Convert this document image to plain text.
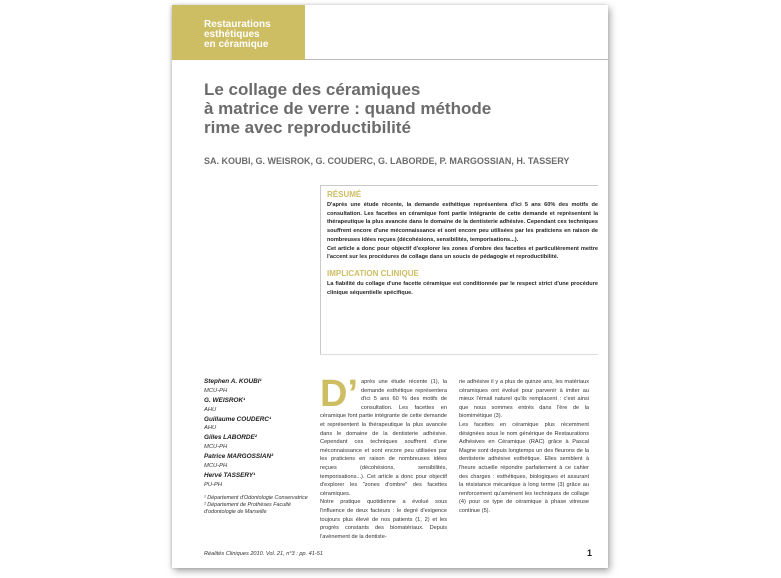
Restaurations
esthétiques
en céramique
Le collage des céramiques
à matrice de verre : quand méthode
rime avec reproductibilité

SA. KOUBI, G. WEISROK, G. COUDERC, G. LABORDE, P. MARGOSSIAN, H. TASSERY

RÉSUMÉ

D'après une étude récente, la demande esthétique représentera d'ici 5 ans 60% des motifs de consultation. Les facettes en céramique font partie intégrante de cette demande et représentent la thérapeutique la plus avancée dans le domaine de la dentisterie adhésive. Cependant ces techniques souffrent encore d'une méconnaissance et sont encore peu utilisées par les praticiens en raison de nombreuses idées reçues (décohésions, sensibilités, temporisations...).

Cet article a donc pour objectif d'explorer les zones d'ombre des facettes et particulièrement mettre l'accent sur les procédures de collage dans un soucis de pédagogie et reproductibilité.

IMPLICATION CLINIQUE

La fiabilité du collage d'une facette céramique est conditionnée par le respect strict d'une procédure clinique séquentielle spécifique.

Stephen A. KOUBI¹
MCU-PH
G. WEISROK¹
AHU
Guillaume COUDERC¹
AHU
Gilles LABORDE²
MCU-PH
Patrice MARGOSSIAN²
MCU-PH
Hervé TASSERY¹
PU-PH
¹ Département d'Odontologie Conservatrice
² Département de Prothèses Faculté d'odontologie de Marseille
D’ après une étude récente (1), la demande esthétique représentera d'ici 5 ans 60 % des motifs de consultation. Les facettes en céramique font partie intégrante de cette demande et représentent la thérapeutique la plus avancée dans le domaine de la dentisterie adhésive. Cependant ces techniques souffrent d'une méconnaissance et sont encore peu utilisées par les praticiens en raison de nombreuses idées reçues (décohésions, sensibilités, temporisations...). Cet article a donc pour objectif d'explorer les "zones d'ombre" des facettes céramiques.

Notre pratique quotidienne a évolué sous l'influence de deux facteurs : le degré d'exigence toujours plus élevé de nos patients (1, 2) et les progrès constants des biomatériaux. Depuis l'avènement de la dentiste-

rie adhésive il y a plus de quinze ans, les matériaux céramiques ont évolué pour parvenir à imiter au mieux l'émail naturel qu'ils remplacent : c'est ainsi que nous sommes entrés dans l'ère de la biomimétique (3).

Les facettes en céramique plus récemment désignées sous le nom générique de Restaurations Adhésives en Céramique (RAC) grâce à Pascal Magne sont depuis longtemps un des fleurons de la dentisterie adhésive esthétique. Elles semblent à l'heure actuelle répondre parfaitement à ce cahier des charges : esthétiques, biologiques et assurant la résistance mécanique à long terme (3) grâce au renforcement qu'amènent les techniques de collage (4) pour ce type de céramique à phase vitreuse continue (5).

Réalités Cliniques 2010. Vol. 21, n°3 : pp. 41-51	1
